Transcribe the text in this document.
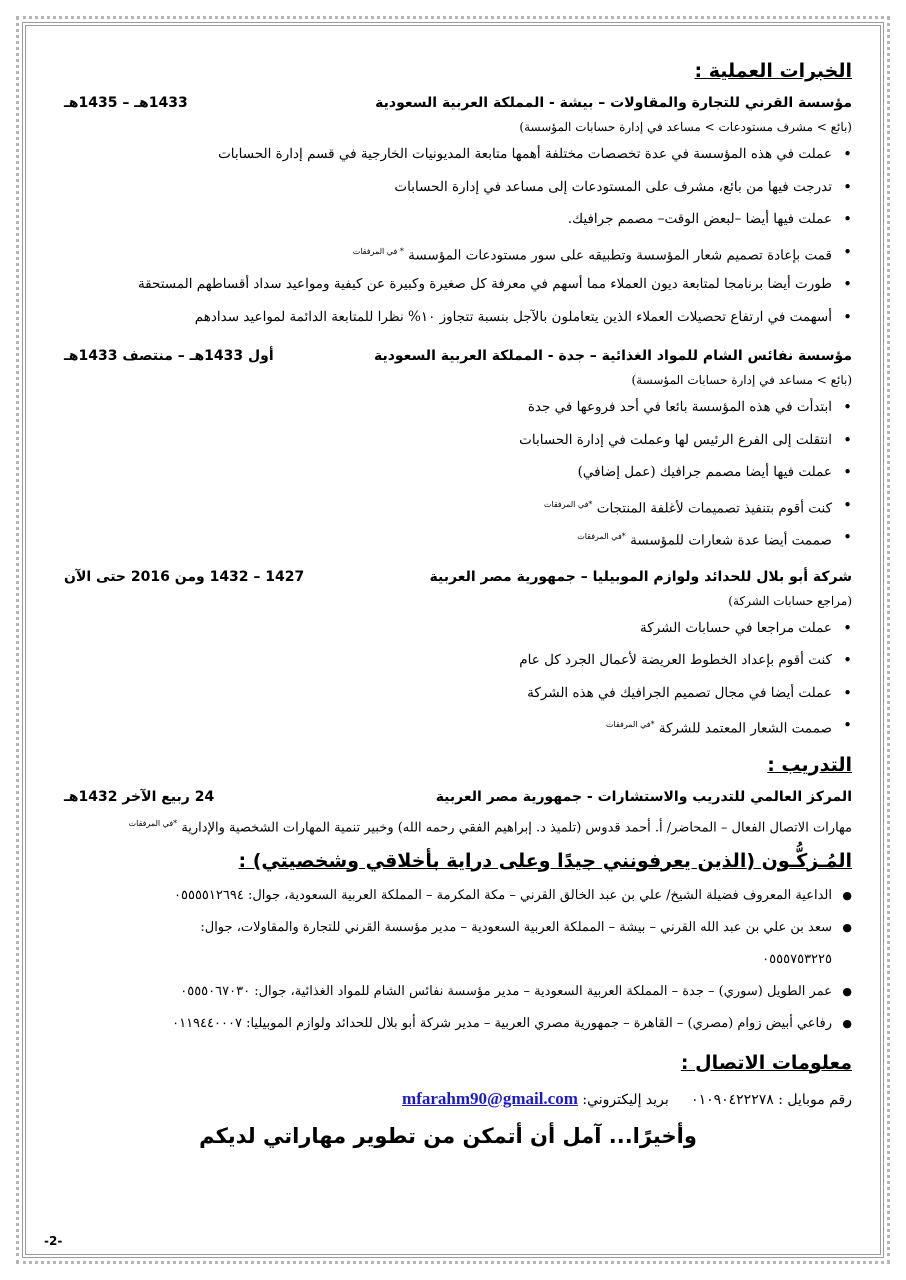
الخبرات العملية :
مؤسسة القرني للتجارة والمقاولات – بيشة - المملكة العربية السعودية
1433هـ – 1435هـ
(بائع > مشرف مستودعات > مساعد في إدارة حسابات المؤسسة)
• عملت في هذه المؤسسة في عدة تخصصات مختلفة أهمها متابعة المديونيات الخارجية في قسم إدارة الحسابات
• تدرجت فيها من بائع، مشرف على المستودعات إلى مساعد في إدارة الحسابات
• عملت فيها أيضا –لبعض الوقت– مصمم جرافيك.
• قمت بإعادة تصميم شعار المؤسسة وتطبيقه على سور مستودعات المؤسسة $^{* في المرفقات}$
• طورت أيضا برنامجا لمتابعة ديون العملاء مما أسهم في معرفة كل صغيرة وكبيرة عن كيفية ومواعيد سداد أقساطهم المستحقة
• أسهمت في ارتفاع تحصيلات العملاء الذين يتعاملون بالآجل بنسبة تتجاوز ١٠% نظرا للمتابعة الدائمة لمواعيد سدادهم
مؤسسة نفائس الشام للمواد الغذائية – جدة - المملكة العربية السعودية
أول 1433هـ – منتصف 1433هـ
(بائع > مساعد في إدارة حسابات المؤسسة)
• ابتدأت في هذه المؤسسة بائعا في أحد فروعها في جدة
• انتقلت إلى الفرع الرئيس لها وعملت في إدارة الحسابات
• عملت فيها أيضا مصمم جرافيك (عمل إضافي)
• كنت أقوم بتنفيذ تصميمات لأغلفة المنتجات $^{*في المرفقات}$
• صممت أيضا عدة شعارات للمؤسسة $^{*في المرفقات}$
شركة أبو بلال للحدائد ولوازم الموبيليا – جمهورية مصر العربية
1427 – 1432 ومن 2016 حتى الآن
(مراجع حسابات الشركة)
• عملت مراجعا في حسابات الشركة
• كنت أقوم بإعداد الخطوط العريضة لأعمال الجرد كل عام
• عملت أيضا في مجال تصميم الجرافيك في هذه الشركة
• صممت الشعار المعتمد للشركة $^{*في المرفقات}$
التدريب :
المركز العالمي للتدريب والاستشارات - جمهورية مصر العربية
24 ربيع الآخر 1432هـ
مهارات الاتصال الفعال – المحاضر/ أ. أحمد قدوس (تلميذ د. إبراهيم الفقي رحمه الله) وخبير تنمية المهارات الشخصية والإدارية $^{*في المرفقات}$
المُـزكُّـون (الذين يعرفونني جيدًا وعلى دراية بأخلاقي وشخصيتي) :
● الداعية المعروف فضيلة الشيخ/ علي بن عبد الخالق القرني – مكة المكرمة – المملكة العربية السعودية، جوال: ٠٥٥٥٥١٢٦٩٤
● سعد بن علي بن عبد الله القرني – بيشة – المملكة العربية السعودية – مدير مؤسسة القرني للتجارة والمقاولات، جوال:
٠٥٥٥٧٥٣٢٢٥
● عمر الطويل (سوري) – جدة – المملكة العربية السعودية – مدير مؤسسة نفائس الشام للمواد الغذائية، جوال: ٠٥٥٥٠٦٧٠٣٠
● رفاعي أبيض زوام (مصري) – القاهرة – جمهورية مصري العربية – مدير شركة أبو بلال للحدائد ولوازم الموبيليا: ٠١١٩٤٤٠٠٠٧
معلومات الاتصال :
رقم موبايل : ٠١٠٩٠٤٢٢٢٧٨     بريد إليكتروني: mfarahm90@gmail.com
وأخيرًا... آمل أن أتمكن من تطوير مهاراتي لديكم
-2-
